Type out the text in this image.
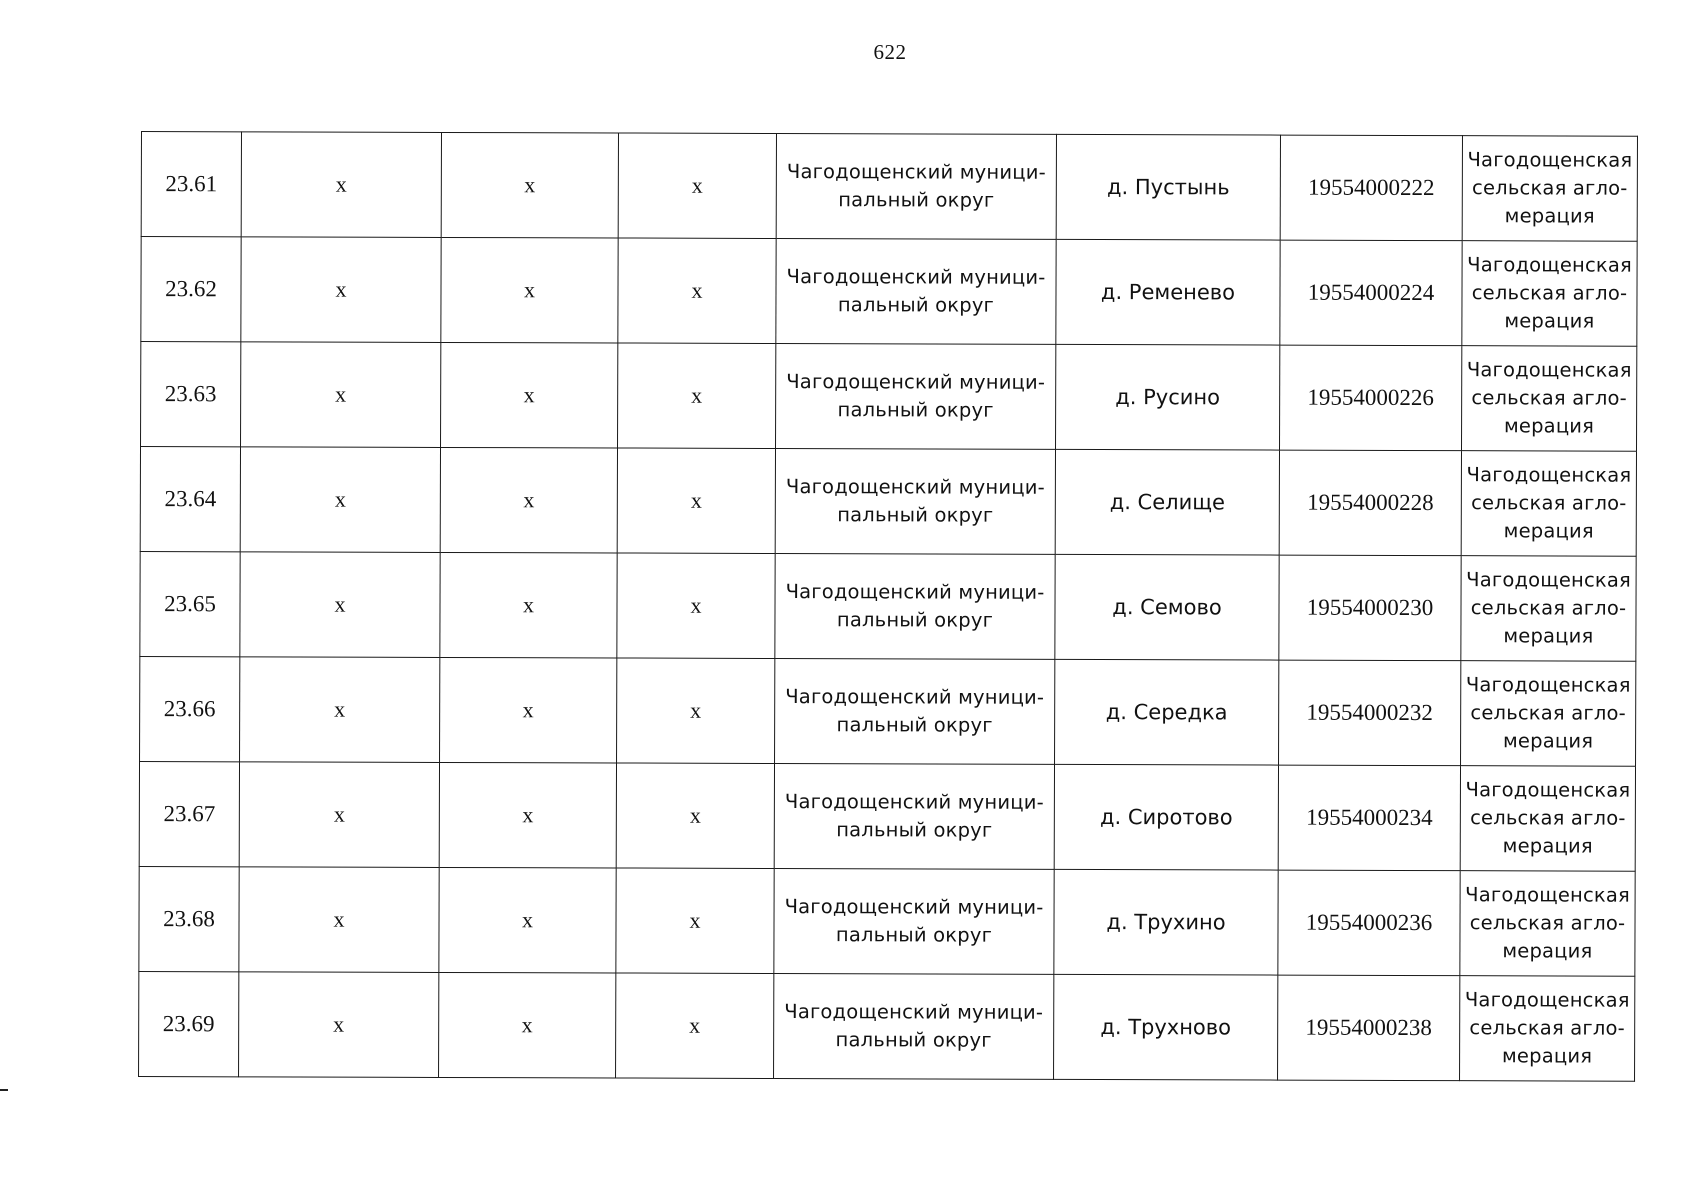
622
23.61	x	x	x	Чагодощенский муници-
пальный округ	д. Пустынь	19554000222	Чагодощенская
сельская агло-
мерация

23.62	x	x	x	Чагодощенский муници-
пальный округ	д. Ременево	19554000224	Чагодощенская
сельская агло-
мерация

23.63	x	x	x	Чагодощенский муници-
пальный округ	д. Русино	19554000226	Чагодощенская
сельская агло-
мерация

23.64	x	x	x	Чагодощенский муници-
пальный округ	д. Селище	19554000228	Чагодощенская
сельская агло-
мерация

23.65	x	x	x	Чагодощенский муници-
пальный округ	д. Семово	19554000230	Чагодощенская
сельская агло-
мерация

23.66	x	x	x	Чагодощенский муници-
пальный округ	д. Середка	19554000232	Чагодощенская
сельская агло-
мерация

23.67	x	x	x	Чагодощенский муници-
пальный округ	д. Сиротово	19554000234	Чагодощенская
сельская агло-
мерация

23.68	x	x	x	Чагодощенский муници-
пальный округ	д. Трухино	19554000236	Чагодощенская
сельская агло-
мерация

23.69	x	x	x	Чагодощенский муници-
пальный округ	д. Трухново	19554000238	Чагодощенская
сельская агло-
мерация
